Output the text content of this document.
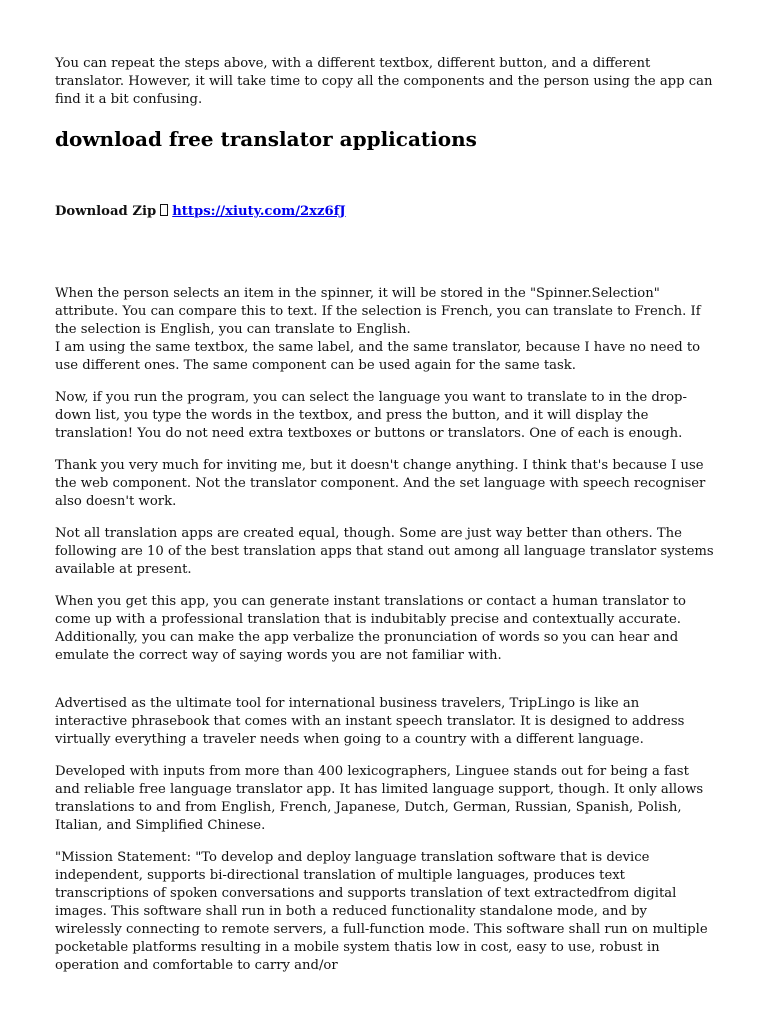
You can repeat the steps above, with a different textbox, different button, and a different translator. However, it will take time to copy all the components and the person using the app can find it a bit confusing.

download free translator applications

Download Zip https://xiuty.com/2xz6fJ

When the person selects an item in the spinner, it will be stored in the "Spinner.Selection" attribute. You can compare this to text. If the selection is French, you can translate to French. If the selection is English, you can translate to English.
I am using the same textbox, the same label, and the same translator, because I have no need to use different ones. The same component can be used again for the same task.

Now, if you run the program, you can select the language you want to translate to in the drop-down list, you type the words in the textbox, and press the button, and it will display the translation! You do not need extra textboxes or buttons or translators. One of each is enough.

Thank you very much for inviting me, but it doesn't change anything. I think that's because I use the web component. Not the translator component. And the set language with speech recogniser also doesn't work.

Not all translation apps are created equal, though. Some are just way better than others. The following are 10 of the best translation apps that stand out among all language translator systems available at present.

When you get this app, you can generate instant translations or contact a human translator to come up with a professional translation that is indubitably precise and contextually accurate. Additionally, you can make the app verbalize the pronunciation of words so you can hear and emulate the correct way of saying words you are not familiar with.

Advertised as the ultimate tool for international business travelers, TripLingo is like an interactive phrasebook that comes with an instant speech translator. It is designed to address virtually everything a traveler needs when going to a country with a different language.

Developed with inputs from more than 400 lexicographers, Linguee stands out for being a fast and reliable free language translator app. It has limited language support, though. It only allows translations to and from English, French, Japanese, Dutch, German, Russian, Spanish, Polish, Italian, and Simplified Chinese.

"Mission Statement: "To develop and deploy language translation software that is device independent, supports bi-directional translation of multiple languages, produces text transcriptions of spoken conversations and supports translation of text extractedfrom digital images. This software shall run in both a reduced functionality standalone mode, and by wirelessly connecting to remote servers, a full-function mode. This software shall run on multiple pocketable platforms resulting in a mobile system thatis low in cost, easy to use, robust in operation and comfortable to carry and/or
